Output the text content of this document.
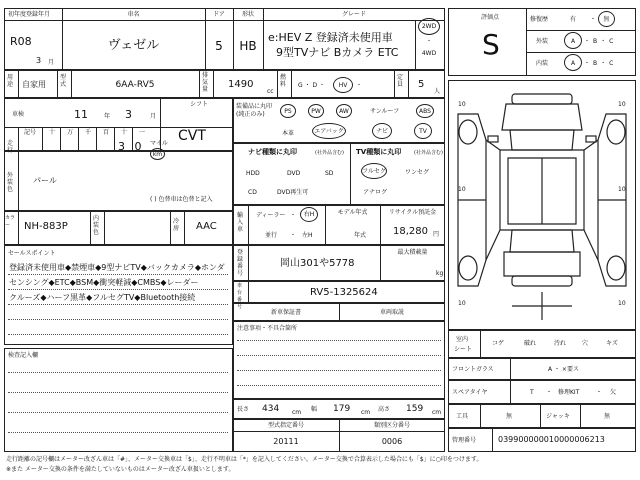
初年度登録年月	車名	ドア	形状	グレード
R08
3 月
ヴェゼル	5	HB
e:HEV Z 登録済未使用車
9型TVナビ Bカメラ ETC
2WD
・
4WD
用途 自家用
型式	6AA-RV5
排気量 1490
cc
燃料	G ・ D ・	HV	・
定員 5
人
車検	11	年 3	月
シフト
CVT
走行
記号 十 万 千 百 十 一
3 0 マイル
km
外装色
パール
( ) 色替車は色替と記入
カラー	NH-883P
内装色
冷房 AAC
セールスポイント
登録済未使用車◆禁煙車◆9型ナビTV◆バックカメラ◆ホンダ
センシング◆ETC◆BSM◆衝突軽減◆CMBS◆レーダー
クルーズ◆ハーフ黒革◆フルセグTV◆Bluetooth接続
検査記入欄
装備品に丸印
(純正のみ)	PS	PW	AW	サンルーフ	ABS
本革	エアバック	ナビ	TV
ナビ種類に丸印	(社外品含む) TV種類に丸印	(社外品含む)
HDD	DVD	SD
CD	DVD再生可
フルセグ	ワンセグ
アナログ
輸入車
ディーラー ・	右H
並行 ・ 左H
モデル年式
年式
リサイクル預託金
18,280 円
登録番号
岡山301や5778
最大積載量
kg
車台番号
RV5-1325624
新車保証書	車両取説
注意事項・不具合箇所
長さ 434 cm 幅 179 cm 高さ 159 cm
型式指定番号	類別区分番号
20111	0006
評価点
S
修復歴	有 ・	無
外装	A	・B・C
内装	A	・B・C
10	10
10	10
10	10
室内
シート
コゲ	破れ	汚れ	穴	キズ
フロントガラス	A ・ ×要ス
スペアタイヤ	T ・ 修理KIT	・ 欠
工具	無	ジャッキ	無
管理番号	039900000010000006213
走行距離の記号欄はメーター改ざん車は「#」、メーター交換車は「$」、走行不明車は「*」を記入してください。メーター交換で合算表示した場合にも「$」に○印をつけます。
※また メーター交換の条件を満たしていないものはメーター改ざん車扱いとします。
